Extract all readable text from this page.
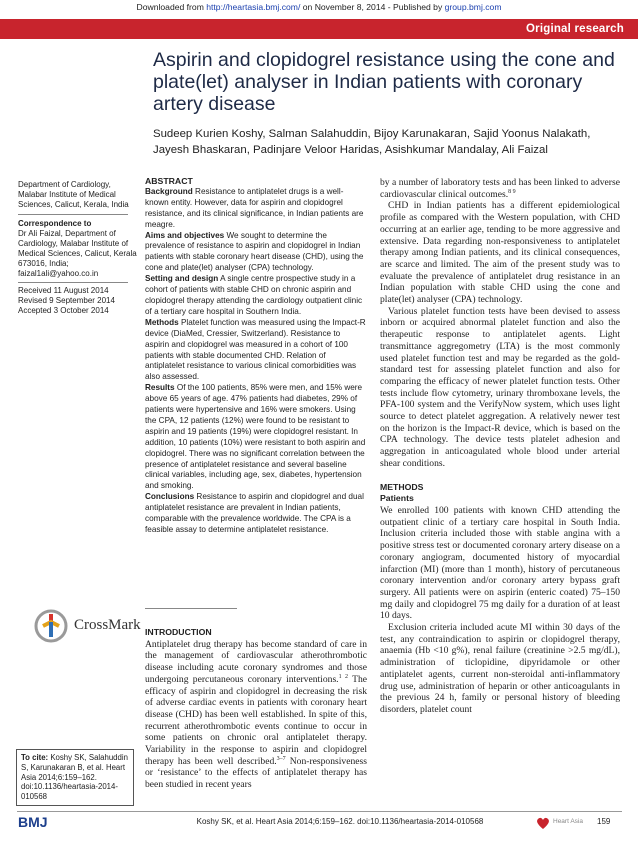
Downloaded from http://heartasia.bmj.com/ on November 8, 2014 - Published by group.bmj.com
Original research
Aspirin and clopidogrel resistance using the cone and plate(let) analyser in Indian patients with coronary artery disease
Sudeep Kurien Koshy, Salman Salahuddin, Bijoy Karunakaran, Sajid Yoonus Nalakath, Jayesh Bhaskaran, Padinjare Veloor Haridas, Asishkumar Mandalay, Ali Faizal
Department of Cardiology, Malabar Institute of Medical Sciences, Calicut, Kerala, India
Correspondence to
Dr Ali Faizal, Department of Cardiology, Malabar Institute of Medical Sciences, Calicut, Kerala 673016, India; faizal1ali@yahoo.co.in
Received 11 August 2014
Revised 9 September 2014
Accepted 3 October 2014
CrossMark
To cite: Koshy SK, Salahuddin S, Karunakaran B, et al. Heart Asia 2014;6:159–162. doi:10.1136/heartasia-2014-010568

ABSTRACT

Background Resistance to antiplatelet drugs is a well-known entity. However, data for aspirin and clopidogrel resistance, and its clinical significance, in Indian patients are meagre.

Aims and objectives We sought to determine the prevalence of resistance to aspirin and clopidogrel in Indian patients with stable coronary heart disease (CHD), using the cone and plate(let) analyser (CPA) technology.

Setting and design A single centre prospective study in a cohort of patients with stable CHD on chronic aspirin and clopidogrel therapy attending the cardiology outpatient clinic of a tertiary care hospital in Southern India.

Methods Platelet function was measured using the Impact-R device (DiaMed, Cressier, Switzerland). Resistance to aspirin and clopidogrel was measured in a cohort of 100 patients with stable documented CHD. Relation of antiplatelet resistance to various clinical comorbidities was also assessed.

Results Of the 100 patients, 85% were men, and 15% were above 65 years of age. 47% patients had diabetes, 29% of patients were hypertensive and 16% were smokers. Using the CPA, 12 patients (12%) were found to be resistant to aspirin and 19 patients (19%) were clopidogrel resistant. In addition, 10 patients (10%) were resistant to both aspirin and clopidogrel. There was no significant correlation between the presence of antiplatelet resistance and several baseline clinical variables, including age, sex, diabetes, hypertension and smoking.

Conclusions Resistance to aspirin and clopidogrel and dual antiplatelet resistance are prevalent in Indian patients, comparable with the prevalence worldwide. The CPA is a feasible assay to determine antiplatelet resistance.

INTRODUCTION

Antiplatelet drug therapy has become standard of care in the management of cardiovascular atherothrombotic disease including acute coronary syndromes and those undergoing percutaneous coronary interventions.$^{1 2}$ The efficacy of aspirin and clopidogrel in decreasing the risk of adverse cardiac events in patients with coronary heart disease (CHD) has been well established. In spite of this, recurrent atherothrombotic events continue to occur in some patients on chronic oral antiplatelet therapy. Variability in the response to aspirin and clopidogrel therapy has been well described.$^{3-7}$ Non-responsiveness or ‘resistance’ to the effects of antiplatelet therapy has been studied in recent years

by a number of laboratory tests and has been linked to adverse cardiovascular clinical outcomes.$^{8 9}$

CHD in Indian patients has a different epidemiological profile as compared with the Western population, with CHD occurring at an earlier age, tending to be more aggressive and extensive. Data regarding non-responsiveness to antiplatelet therapy among Indian patients, and its clinical consequences, are scarce and limited. The aim of the present study was to evaluate the prevalence of antiplatelet drug resistance in an Indian population with stable CHD using the cone and plate(let) analyser (CPA) technology.

Various platelet function tests have been devised to assess inborn or acquired abnormal platelet function and also the therapeutic response to antiplatelet agents. Light transmittance aggregometry (LTA) is the most commonly used platelet function test and may be regarded as the gold-standard test for assessing platelet function and also for comparing the efficacy of newer platelet function tests. Other tests include flow cytometry, urinary thromboxane levels, the PFA-100 system and the VerifyNow system, which uses light source to detect platelet aggregation. A relatively newer test on the horizon is the Impact-R device, which is based on the CPA technology. The device tests platelet adhesion and aggregation in anticoagulated whole blood under arterial shear conditions.

METHODS
Patients

We enrolled 100 patients with known CHD attending the outpatient clinic of a tertiary care hospital in South India. Inclusion criteria included those with stable angina with a positive stress test or documented coronary artery disease on a coronary angiogram, documented history of myocardial infarction (MI) (more than 1 month), history of percutaneous coronary intervention and/or coronary artery bypass graft surgery. All patients were on aspirin (enteric coated) 75–150 mg daily and clopidogrel 75 mg daily for a duration of at least 10 days.

Exclusion criteria included acute MI within 30 days of the test, any contraindication to aspirin or clopidogrel therapy, anaemia (Hb <10 g%), renal failure (creatinine >2.5 mg/dL), administration of ticlopidine, dipyridamole or other antiplatelet agents, current non-steroidal anti-inflammatory drug use, administration of heparin or other anticoagulants in the previous 24 h, family or personal history of bleeding disorders, platelet count

BMJ	Koshy SK, et al. Heart Asia 2014;6:159–162. doi:10.1136/heartasia-2014-010568	Heart Asia 159
